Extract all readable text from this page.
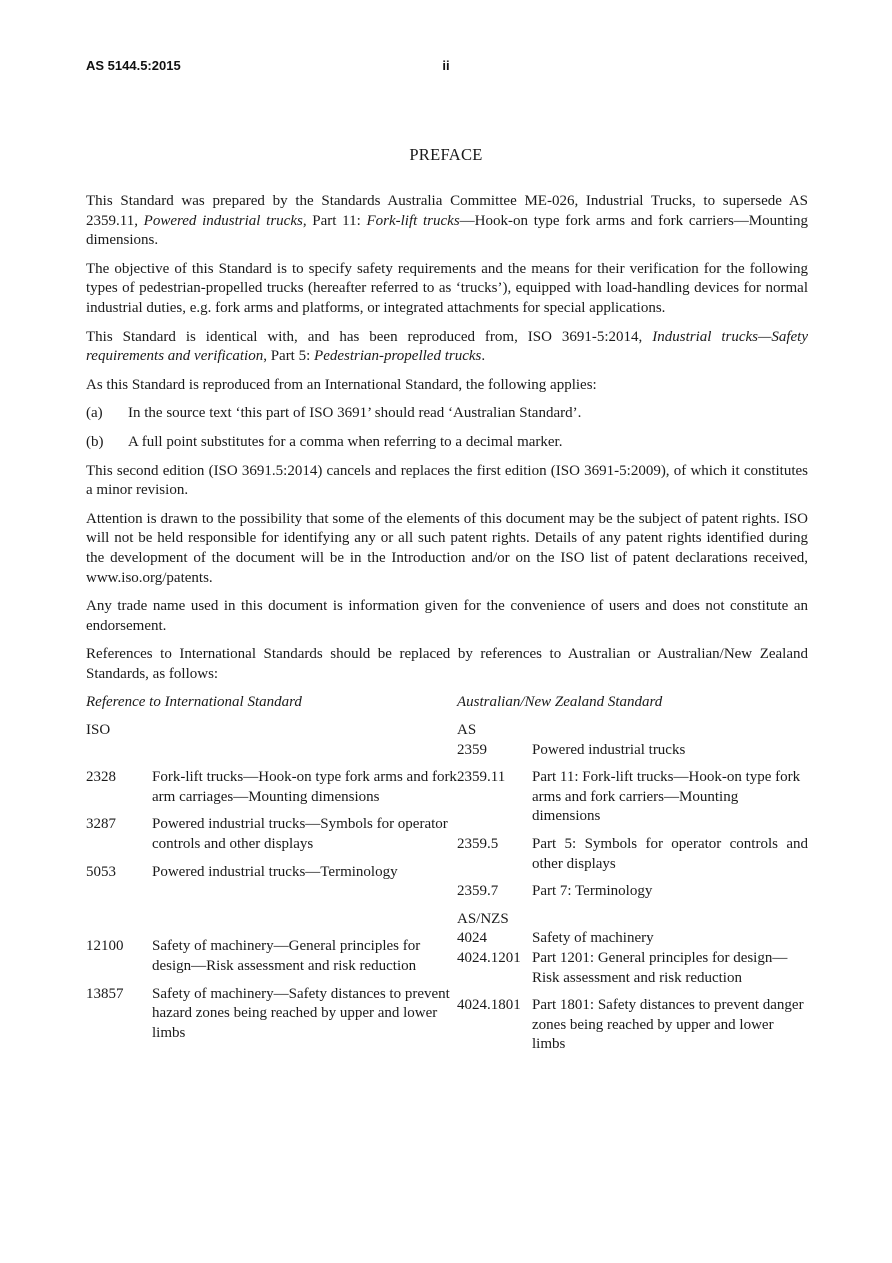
AS 5144.5:2015	ii
PREFACE

This Standard was prepared by the Standards Australia Committee ME-026, Industrial Trucks, to supersede AS 2359.11, Powered industrial trucks, Part 11: Fork-lift trucks—Hook-on type fork arms and fork carriers—Mounting dimensions.

The objective of this Standard is to specify safety requirements and the means for their verification for the following types of pedestrian-propelled trucks (hereafter referred to as ‘trucks’), equipped with load-handling devices for normal industrial duties, e.g. fork arms and platforms, or integrated attachments for special applications.

This Standard is identical with, and has been reproduced from, ISO 3691-5:2014, Industrial trucks—Safety requirements and verification, Part 5: Pedestrian-propelled trucks.

As this Standard is reproduced from an International Standard, the following applies:

(a)	In the source text ‘this part of ISO 3691’ should read ‘Australian Standard’.
(b)	A full point substitutes for a comma when referring to a decimal marker.

This second edition (ISO 3691.5:2014) cancels and replaces the first edition (ISO 3691-5:2009), of which it constitutes a minor revision.

Attention is drawn to the possibility that some of the elements of this document may be the subject of patent rights. ISO will not be held responsible for identifying any or all such patent rights. Details of any patent rights identified during the development of the document will be in the Introduction and/or on the ISO list of patent declarations received, www.iso.org/patents.

Any trade name used in this document is information given for the convenience of users and does not constitute an endorsement.

References to International Standards should be replaced by references to Australian or Australian/New Zealand Standards, as follows:

Reference to International Standard
ISO
2328	Fork-lift trucks—Hook-on type fork arms and fork arm carriages—Mounting dimensions
3287	Powered industrial trucks—Symbols for operator controls and other displays
5053	Powered industrial trucks—Terminology
12100	Safety of machinery—General principles for design—Risk assessment and risk reduction
13857	Safety of machinery—Safety distances to prevent hazard zones being reached by upper and lower limbs
Australian/New Zealand Standard
AS
2359	Powered industrial trucks
2359.11	Part 11: Fork-lift trucks—Hook-on type fork arms and fork carriers—Mounting dimensions
2359.5	Part 5: Symbols for operator controls and other displays
2359.7	Part 7: Terminology
AS/NZS
4024	Safety of machinery
4024.1201 Part 1201: General principles for design—Risk assessment and risk reduction
4024.1801 Part 1801: Safety distances to prevent danger zones being reached by upper and lower limbs
